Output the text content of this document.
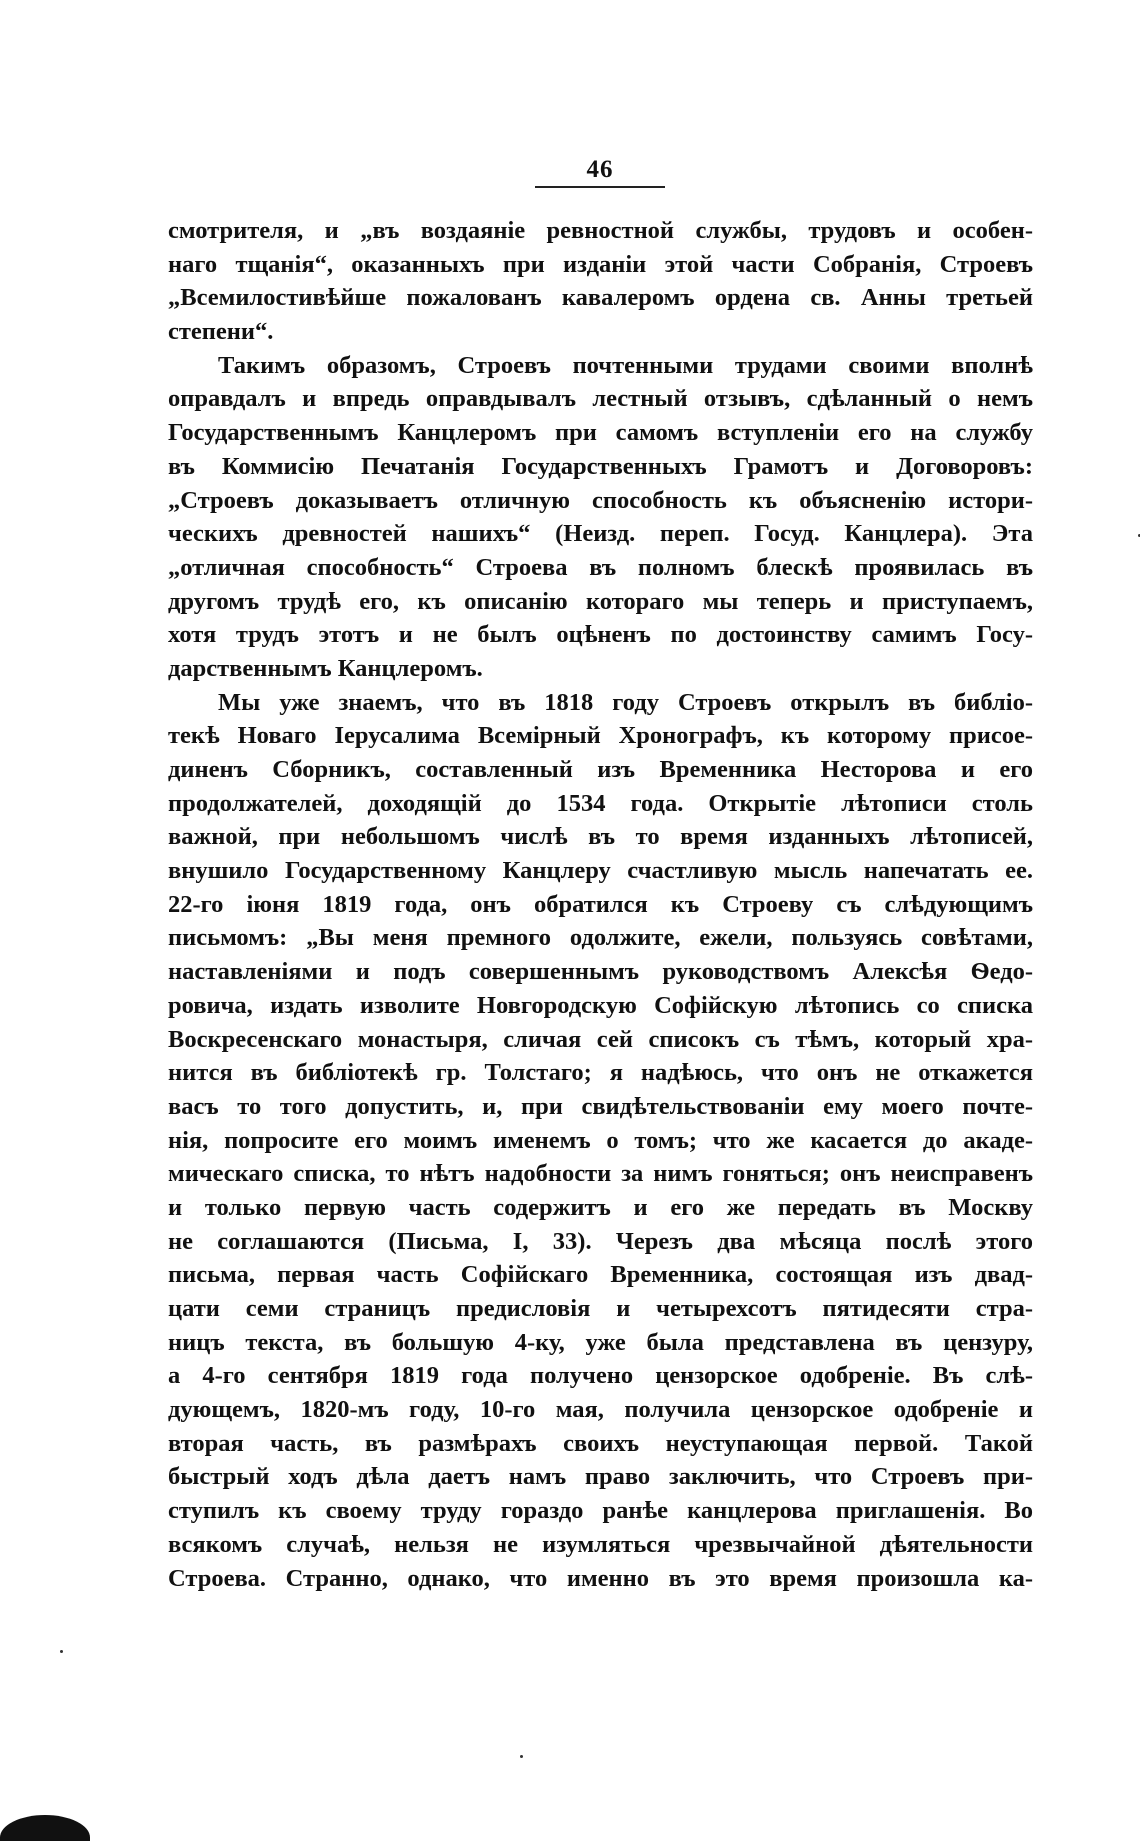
46
смотрителя, и „въ воздаяніе ревностной службы, трудовъ и особен-
наго тщанія“, оказанныхъ при изданіи этой части Собранія, Строевъ
„Всемилостивѣйше пожалованъ кавалеромъ ордена св. Анны третьей
степени“.
Такимъ образомъ, Строевъ почтенными трудами своими вполнѣ
оправдалъ и впредь оправдывалъ лестный отзывъ, сдѣланный о немъ
Государственнымъ Канцлеромъ при самомъ вступленіи его на службу
въ Коммисію Печатанія Государственныхъ Грамотъ и Договоровъ:
„Строевъ доказываетъ отличную способность къ объясненію истори-
ческихъ древностей нашихъ“ (Неизд. переп. Госуд. Канцлера). Эта
„отличная способность“ Строева въ полномъ блескѣ проявилась въ
другомъ трудѣ его, къ описанію котораго мы теперь и приступаемъ,
хотя трудъ этотъ и не былъ оцѣненъ по достоинству самимъ Госу-
дарственнымъ Канцлеромъ.
Мы уже знаемъ, что въ 1818 году Строевъ открылъ въ библіо-
текѣ Новаго Іерусалима Всемірный Хронографъ, къ которому присое-
диненъ Сборникъ, составленный изъ Временника Несторова и его
продолжателей, доходящій до 1534 года. Открытіе лѣтописи столь
важной, при небольшомъ числѣ въ то время изданныхъ лѣтописей,
внушило Государственному Канцлеру счастливую мысль напечатать ее.
22-го іюня 1819 года, онъ обратился къ Строеву съ слѣдующимъ
письмомъ: „Вы меня премного одолжите, ежели, пользуясь совѣтами,
наставленіями и подъ совершеннымъ руководствомъ Алексѣя Ѳедо-
ровича, издать изволите Новгородскую Софійскую лѣтопись со списка
Воскресенскаго монастыря, сличая сей списокъ съ тѣмъ, который хра-
нится въ библіотекѣ гр. Толстаго; я надѣюсь, что онъ не откажется
васъ то того допустить, и, при свидѣтельствованіи ему моего почте-
нія, попросите его моимъ именемъ о томъ; что же касается до акаде-
мическаго списка, то нѣтъ надобности за нимъ гоняться; онъ неисправенъ
и только первую часть содержитъ и его же передать въ Москву
не соглашаются (Письма, I, 33). Черезъ два мѣсяца послѣ этого
письма, первая часть Софійскаго Временника, состоящая изъ двад-
цати семи страницъ предисловія и четырехсотъ пятидесяти стра-
ницъ текста, въ большую 4-ку, уже была представлена въ цензуру,
а 4-го сентября 1819 года получено цензорское одобреніе. Въ слѣ-
дующемъ, 1820-мъ году, 10-го мая, получила цензорское одобреніе и
вторая часть, въ размѣрахъ своихъ неуступающая первой. Такой
быстрый ходъ дѣла даетъ намъ право заключить, что Строевъ при-
ступилъ къ своему труду гораздо ранѣе канцлерова приглашенія. Во
всякомъ случаѣ, нельзя не изумляться чрезвычайной дѣятельности
Строева. Странно, однако, что именно въ это время произошла ка-
